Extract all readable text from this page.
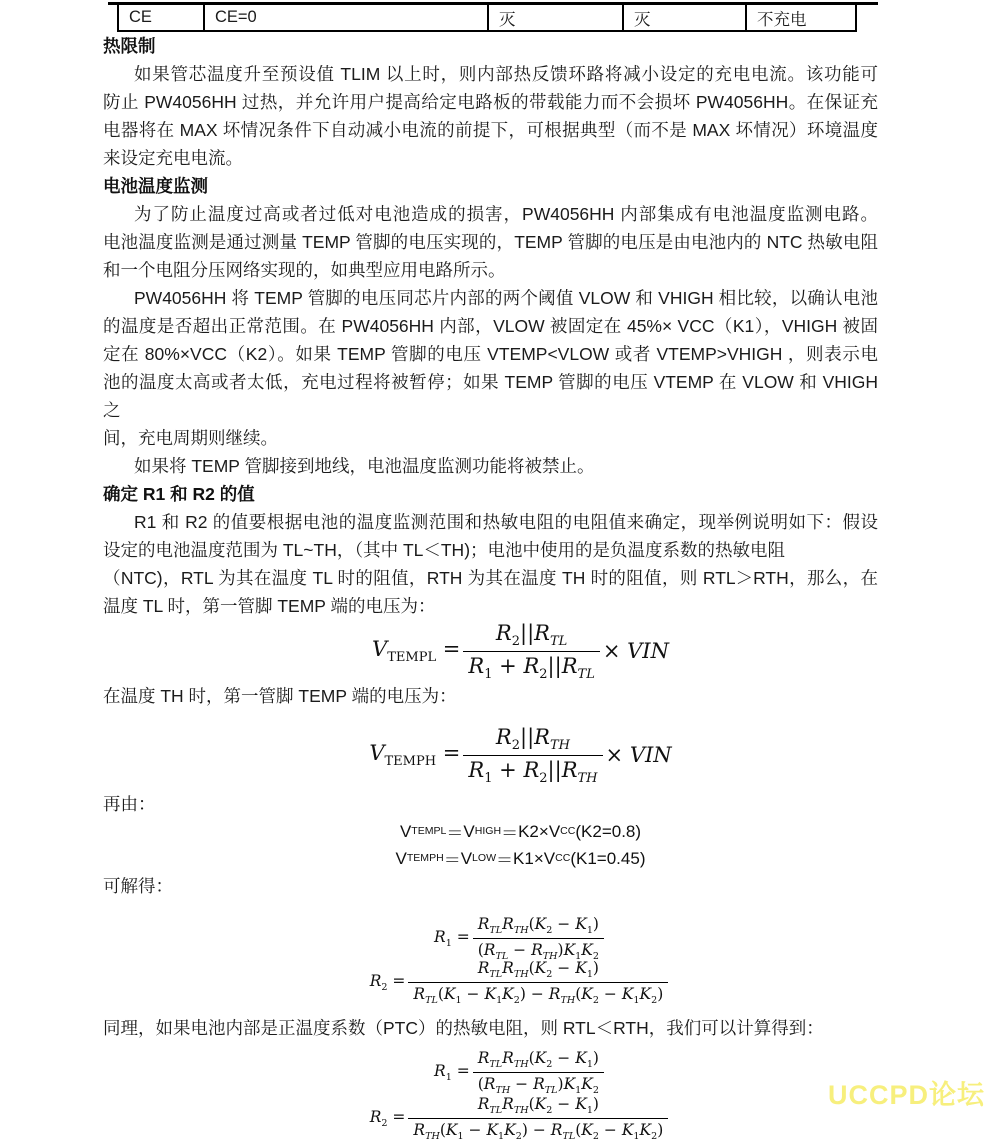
CE	CE=0	灭	灭	不充电
热限制
如果管芯温度升至预设值 TLIM 以上时，则内部热反馈环路将减小设定的充电电流。该功能可
防止 PW4056HH 过热，并允许用户提高给定电路板的带载能力而不会损坏 PW4056HH。在保证充
电器将在 MAX 坏情况条件下自动减小电流的前提下，可根据典型（而不是 MAX 坏情况）环境温度
来设定充电电流。
电池温度监测
为了防止温度过高或者过低对电池造成的损害，PW4056HH 内部集成有电池温度监测电路。
电池温度监测是通过测量 TEMP 管脚的电压实现的，TEMP 管脚的电压是由电池内的 NTC 热敏电阻
和一个电阻分压网络实现的，如典型应用电路所示。
PW4056HH 将 TEMP 管脚的电压同芯片内部的两个阈值 VLOW 和 VHIGH 相比较，以确认电池
的温度是否超出正常范围。在 PW4056HH 内部，VLOW 被固定在 45%× VCC（K1），VHIGH 被固
定在 80%×VCC（K2）。如果 TEMP 管脚的电压 VTEMP<VLOW 或者 VTEMP>VHIGH ，则表示电
池的温度太高或者太低，充电过程将被暂停；如果 TEMP 管脚的电压 VTEMP 在 VLOW 和 VHIGH 之
间，充电周期则继续。
如果将 TEMP 管脚接到地线，电池温度监测功能将被禁止。
确定 R1 和 R2 的值
R1 和 R2 的值要根据电池的温度监测范围和热敏电阻的电阻值来确定，现举例说明如下：假设
设定的电池温度范围为 TL~TH，（其中 TL＜TH)；电池中使用的是负温度系数的热敏电阻
（NTC)，RTL 为其在温度 TL 时的阻值，RTH 为其在温度 TH 时的阻值，则 RTL＞RTH，那么，在
温度 TL 时，第一管脚 TEMP 端的电压为：
$V_{TEMPL} = \frac{R_2||R_{TL}}{R_1 + R_2||R_{TL}}$ × VIN
在温度 TH 时，第一管脚 TEMP 端的电压为：
$V_{TEMPH} = \frac{R_2||R_{TH}}{R_1 + R_2||R_{TH}}$ × VIN
再由：
V TEMPL ＝ V HIGH ＝ K2 × V CC (K2=0.8)
V TEMPH ＝ V LOW ＝ K1 × V CC (K1=0.45)
可解得：
$R_1 = \frac{R_{TL}R_{TH}(K_2 - K_1)}{(R_{TL} - R_{TH})K_1K_2}$
$R_2 = \frac{R_{TL}R_{TH}(K_2 - K_1)}{R_{TL}(K_1 - K_1K_2) - R_{TH}(K_2 - K_1K_2)}$
同理，如果电池内部是正温度系数（PTC）的热敏电阻，则 RTL＜RTH，我们可以计算得到：
$R_1 = \frac{R_{TL}R_{TH}(K_2 - K_1)}{(R_{TH} - R_{TL})K_1K_2}$
$R_2 = \frac{R_{TL}R_{TH}(K_2 - K_1)}{R_{TH}(K_1 - K_1K_2) - R_{TL}(K_2 - K_1K_2)}$	UCCPD论坛
